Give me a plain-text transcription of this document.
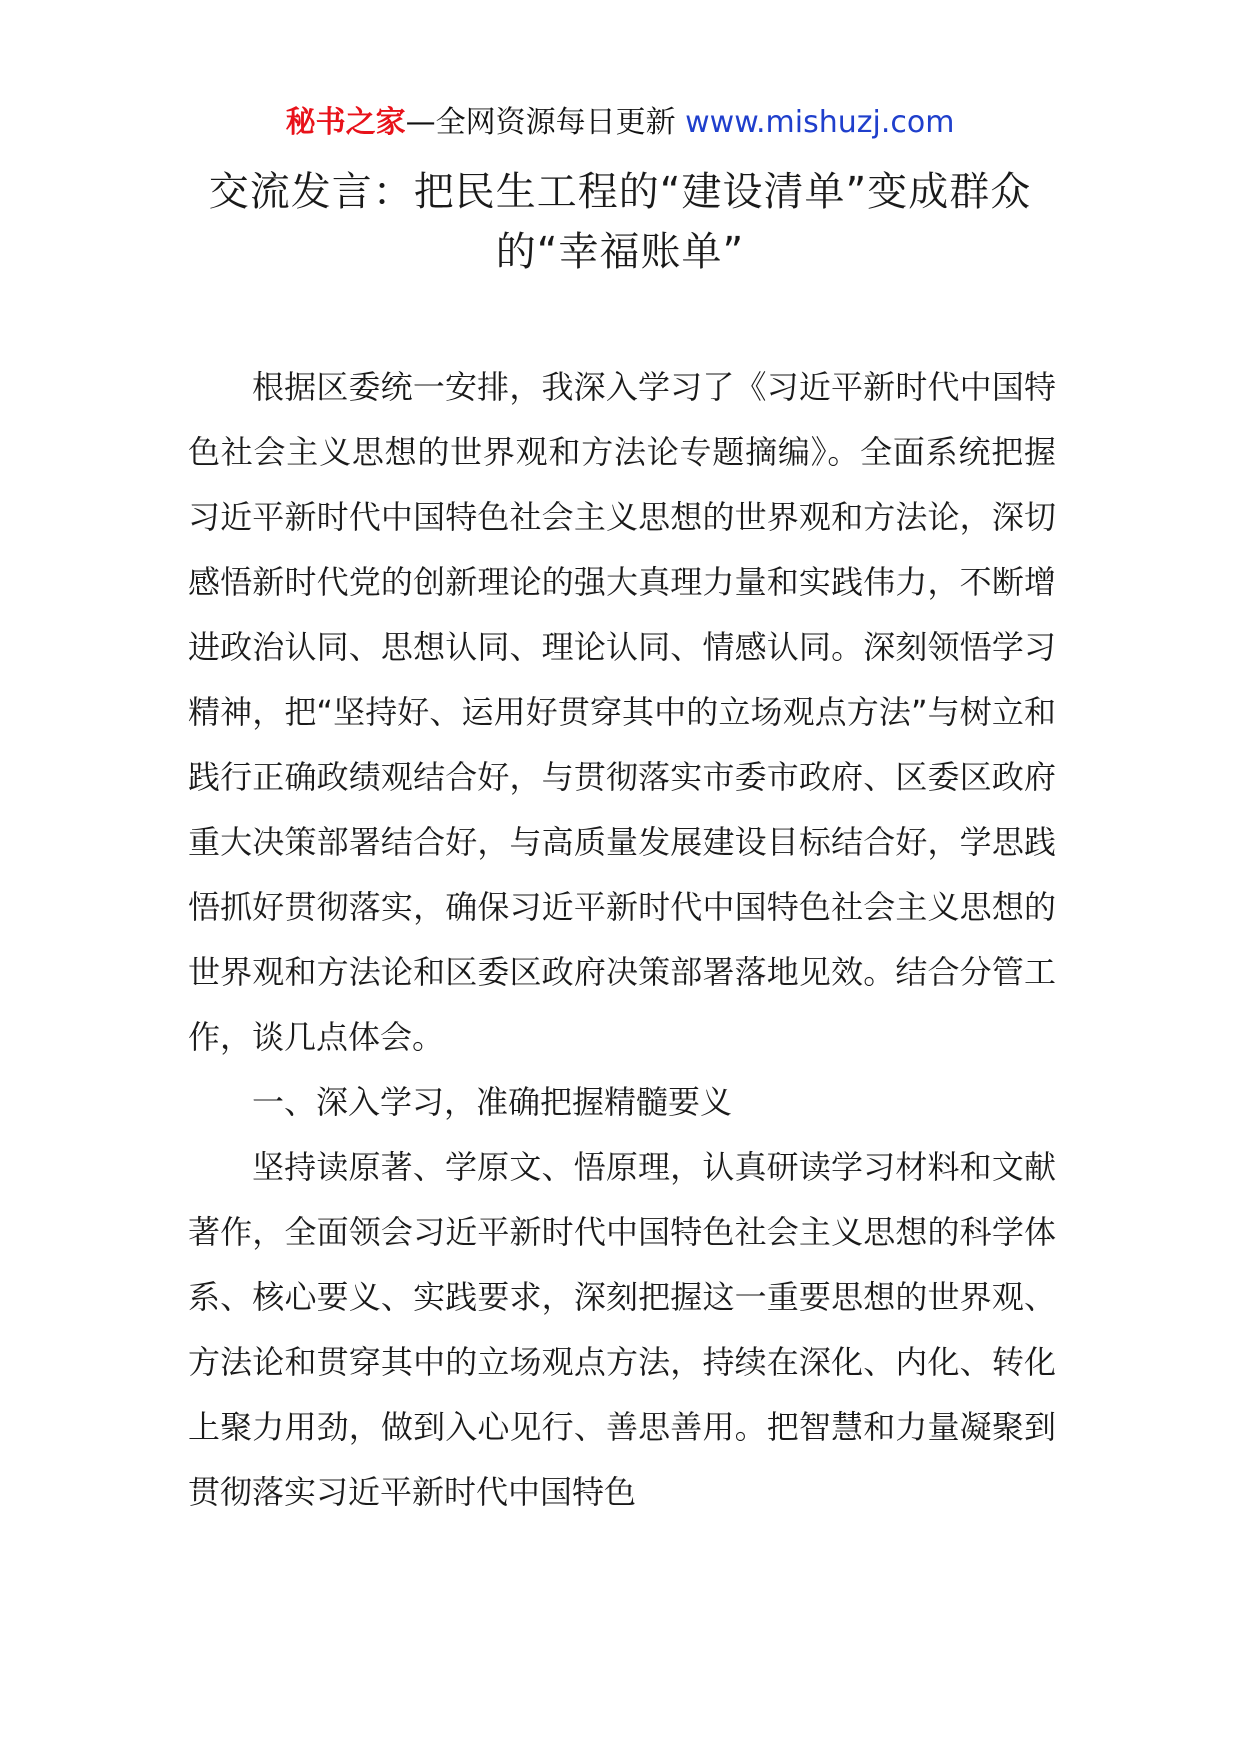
秘书之家—全网资源每日更新 www.mishuzj.com
交流发言：把民生工程的“建设清单”变成群众的“幸福账单”

根据区委统一安排，我深入学习了《习近平新时代中国特色社会主义思想的世界观和方法论专题摘编》。全面系统把握习近平新时代中国特色社会主义思想的世界观和方法论，深切感悟新时代党的创新理论的强大真理力量和实践伟力，不断增进政治认同、思想认同、理论认同、情感认同。深刻领悟学习精神，把“坚持好、运用好贯穿其中的立场观点方法”与树立和践行正确政绩观结合好，与贯彻落实市委市政府、区委区政府重大决策部署结合好，与高质量发展建设目标结合好，学思践悟抓好贯彻落实，确保习近平新时代中国特色社会主义思想的世界观和方法论和区委区政府决策部署落地见效。结合分管工作，谈几点体会。

一、深入学习，准确把握精髓要义

坚持读原著、学原文、悟原理，认真研读学习材料和文献著作，全面领会习近平新时代中国特色社会主义思想的科学体系、核心要义、实践要求，深刻把握这一重要思想的世界观、方法论和贯穿其中的立场观点方法，持续在深化、内化、转化上聚力用劲，做到入心见行、善思善用。把智慧和力量凝聚到贯彻落实习近平新时代中国特色
